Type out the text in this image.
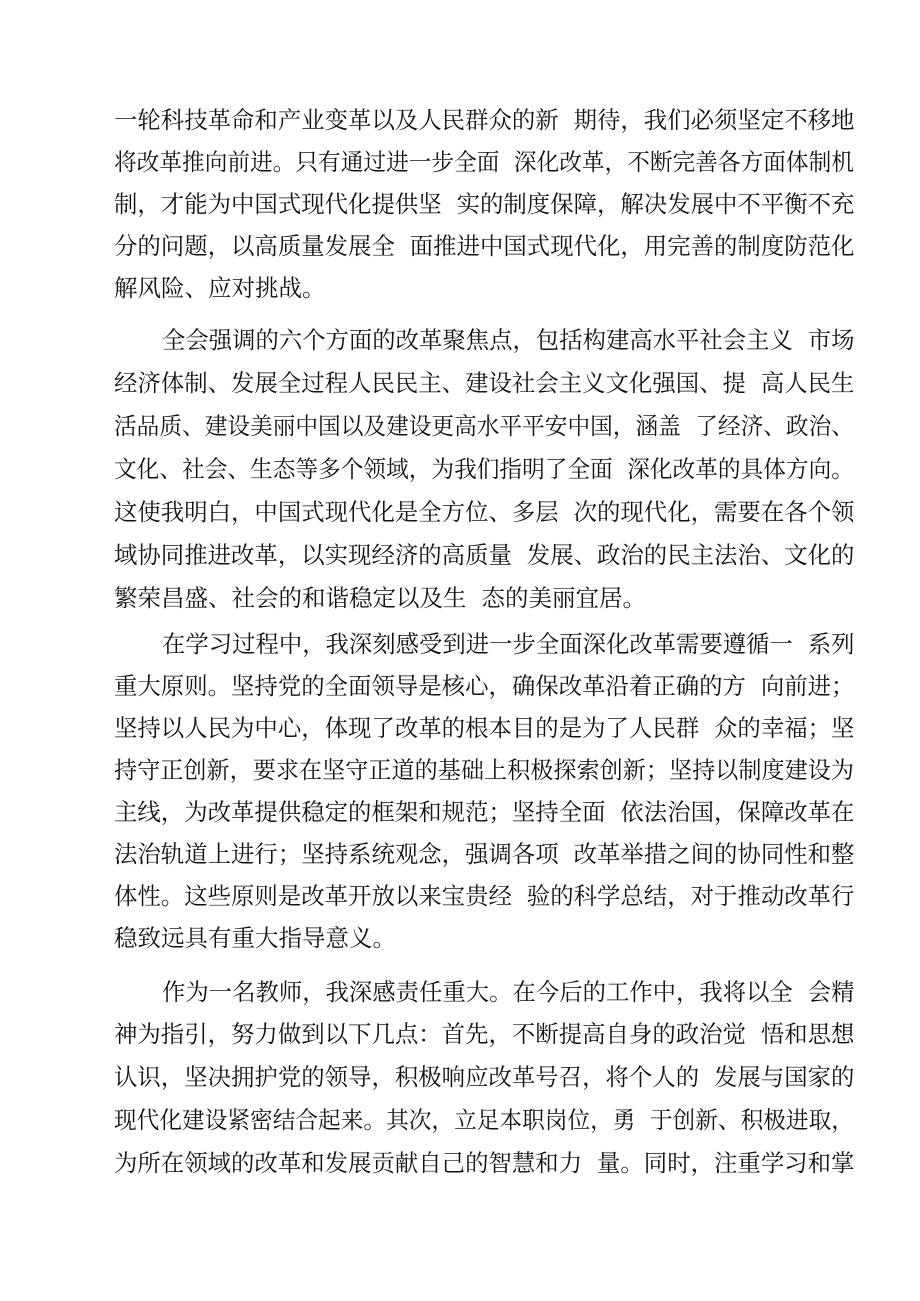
一轮科技革命和产业变革以及人民群众的新  期待，我们必须坚定不移地
将改革推向前进。只有通过进一步全面  深化改革，不断完善各方面体制机
制，才能为中国式现代化提供坚  实的制度保障，解决发展中不平衡不充
分的问题，以高质量发展全  面推进中国式现代化，用完善的制度防范化
解风险、应对挑战。
全会强调的六个方面的改革聚焦点，包括构建高水平社会主义  市场
经济体制、发展全过程人民民主、建设社会主义文化强国、提  高人民生
活品质、建设美丽中国以及建设更高水平平安中国，涵盖  了经济、政治、
文化、社会、生态等多个领域，为我们指明了全面  深化改革的具体方向。
这使我明白，中国式现代化是全方位、多层  次的现代化，需要在各个领
域协同推进改革，以实现经济的高质量  发展、政治的民主法治、文化的
繁荣昌盛、社会的和谐稳定以及生  态的美丽宜居。
在学习过程中，我深刻感受到进一步全面深化改革需要遵循一  系列
重大原则。坚持党的全面领导是核心，确保改革沿着正确的方  向前进；
坚持以人民为中心，体现了改革的根本目的是为了人民群  众的幸福；坚
持守正创新，要求在坚守正道的基础上积极探索创新；坚持以制度建设为
主线，为改革提供稳定的框架和规范；坚持全面  依法治国，保障改革在
法治轨道上进行；坚持系统观念，强调各项  改革举措之间的协同性和整
体性。这些原则是改革开放以来宝贵经  验的科学总结，对于推动改革行
稳致远具有重大指导意义。
作为一名教师，我深感责任重大。在今后的工作中，我将以全  会精
神为指引，努力做到以下几点：首先，不断提高自身的政治觉  悟和思想
认识，坚决拥护党的领导，积极响应改革号召，将个人的  发展与国家的
现代化建设紧密结合起来。其次，立足本职岗位，勇  于创新、积极进取，
为所在领域的改革和发展贡献自己的智慧和力  量。同时，注重学习和掌
